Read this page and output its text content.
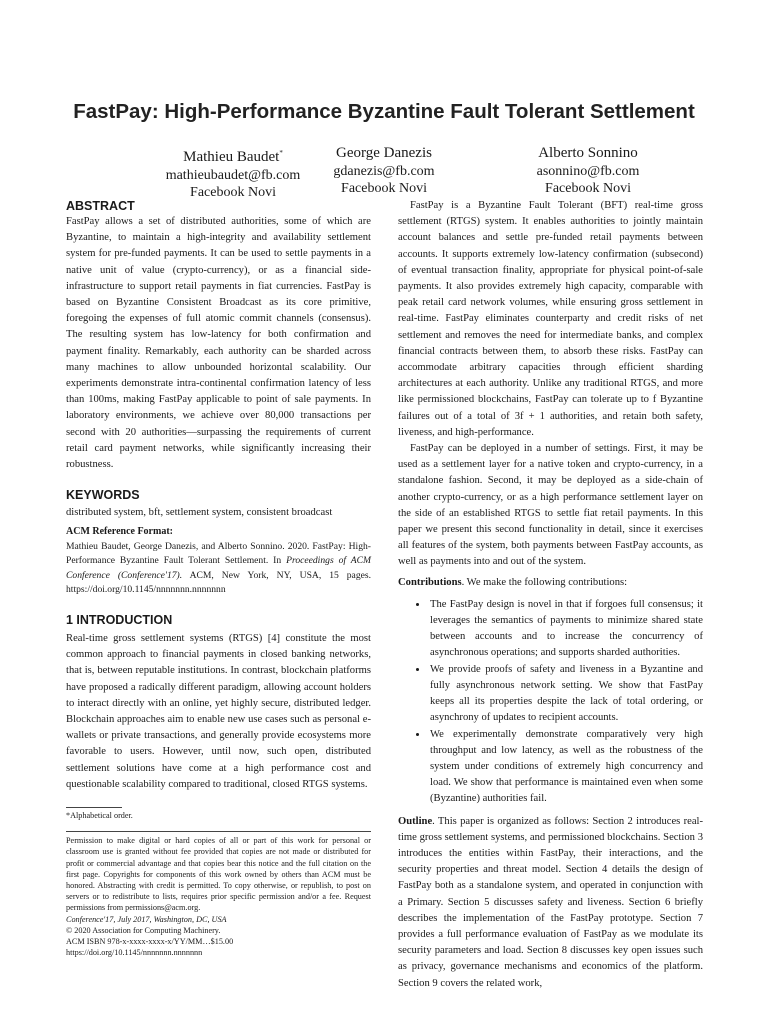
FastPay: High-Performance Byzantine Fault Tolerant Settlement
Mathieu Baudet*
mathieubaudet@fb.com
Facebook Novi
George Danezis
gdanezis@fb.com
Facebook Novi
Alberto Sonnino
asonnino@fb.com
Facebook Novi
ABSTRACT

FastPay allows a set of distributed authorities, some of which are Byzantine, to maintain a high-integrity and availability settlement system for pre-funded payments. It can be used to settle payments in a native unit of value (crypto-currency), or as a financial side-infrastructure to support retail payments in fiat currencies. FastPay is based on Byzantine Consistent Broadcast as its core primitive, foregoing the expenses of full atomic commit channels (consensus). The resulting system has low-latency for both confirmation and payment finality. Remarkably, each authority can be sharded across many machines to allow unbounded horizontal scalability. Our experiments demonstrate intra-continental confirmation latency of less than 100ms, making FastPay applicable to point of sale payments. In laboratory environments, we achieve over 80,000 transactions per second with 20 authorities—surpassing the requirements of current retail card payment networks, while significantly increasing their robustness.

KEYWORDS

distributed system, bft, settlement system, consistent broadcast

ACM Reference Format:
Mathieu Baudet, George Danezis, and Alberto Sonnino. 2020. FastPay: High-Performance Byzantine Fault Tolerant Settlement. In Proceedings of ACM Conference (Conference'17). ACM, New York, NY, USA, 15 pages. https://doi.org/10.1145/nnnnnnn.nnnnnnn
1 INTRODUCTION

Real-time gross settlement systems (RTGS) [4] constitute the most common approach to financial payments in closed banking networks, that is, between reputable institutions. In contrast, blockchain platforms have proposed a radically different paradigm, allowing account holders to interact directly with an online, yet highly secure, distributed ledger. Blockchain approaches aim to enable new use cases such as personal e-wallets or private transactions, and generally provide ecosystems more favorable to users. However, until now, such open, distributed settlement solutions have come at a high performance cost and questionable scalability compared to traditional, closed RTGS systems.

*Alphabetical order.
Permission to make digital or hard copies of all or part of this work for personal or classroom use is granted without fee provided that copies are not made or distributed for profit or commercial advantage and that copies bear this notice and the full citation on the first page. Copyrights for components of this work owned by others than ACM must be honored. Abstracting with credit is permitted. To copy otherwise, or republish, to post on servers or to redistribute to lists, requires prior specific permission and/or a fee. Request permissions from permissions@acm.org.
Conference'17, July 2017, Washington, DC, USA
© 2020 Association for Computing Machinery.
ACM ISBN 978-x-xxxx-xxxx-x/YY/MM…$15.00
https://doi.org/10.1145/nnnnnnn.nnnnnnn

FastPay is a Byzantine Fault Tolerant (BFT) real-time gross settlement (RTGS) system. It enables authorities to jointly maintain account balances and settle pre-funded retail payments between accounts. It supports extremely low-latency confirmation (subsecond) of eventual transaction finality, appropriate for physical point-of-sale payments. It also provides extremely high capacity, comparable with peak retail card network volumes, while ensuring gross settlement in real-time. FastPay eliminates counterparty and credit risks of net settlement and removes the need for intermediate banks, and complex financial contracts between them, to absorb these risks. FastPay can accommodate arbitrary capacities through efficient sharding architectures at each authority. Unlike any traditional RTGS, and more like permissioned blockchains, FastPay can tolerate up to f Byzantine failures out of a total of 3f + 1 authorities, and retain both safety, liveness, and high-performance.

FastPay can be deployed in a number of settings. First, it may be used as a settlement layer for a native token and crypto-currency, in a standalone fashion. Second, it may be deployed as a side-chain of another crypto-currency, or as a high performance settlement layer on the side of an established RTGS to settle fiat retail payments. In this paper we present this second functionality in detail, since it exercises all features of the system, both payments between FastPay accounts, as well as payments into and out of the system.

Contributions. We make the following contributions:

• The FastPay design is novel in that if forgoes full consensus; it leverages the semantics of payments to minimize shared state between accounts and to increase the concurrency of asynchronous operations; and supports sharded authorities.
• We provide proofs of safety and liveness in a Byzantine and fully asynchronous network setting. We show that FastPay keeps all its properties despite the lack of total ordering, or asynchrony of updates to recipient accounts.
• We experimentally demonstrate comparatively very high throughput and low latency, as well as the robustness of the system under conditions of extremely high concurrency and load. We show that performance is maintained even when some (Byzantine) authorities fail.

Outline. This paper is organized as follows: Section 2 introduces real-time gross settlement systems, and permissioned blockchains. Section 3 introduces the entities within FastPay, their interactions, and the security properties and threat model. Section 4 details the design of FastPay both as a standalone system, and operated in conjunction with a Primary. Section 5 discusses safety and liveness. Section 6 briefly describes the implementation of the FastPay prototype. Section 7 provides a full performance evaluation of FastPay as we modulate its security parameters and load. Section 8 discusses key open issues such as privacy, governance mechanisms and economics of the platform. Section 9 covers the related work,
